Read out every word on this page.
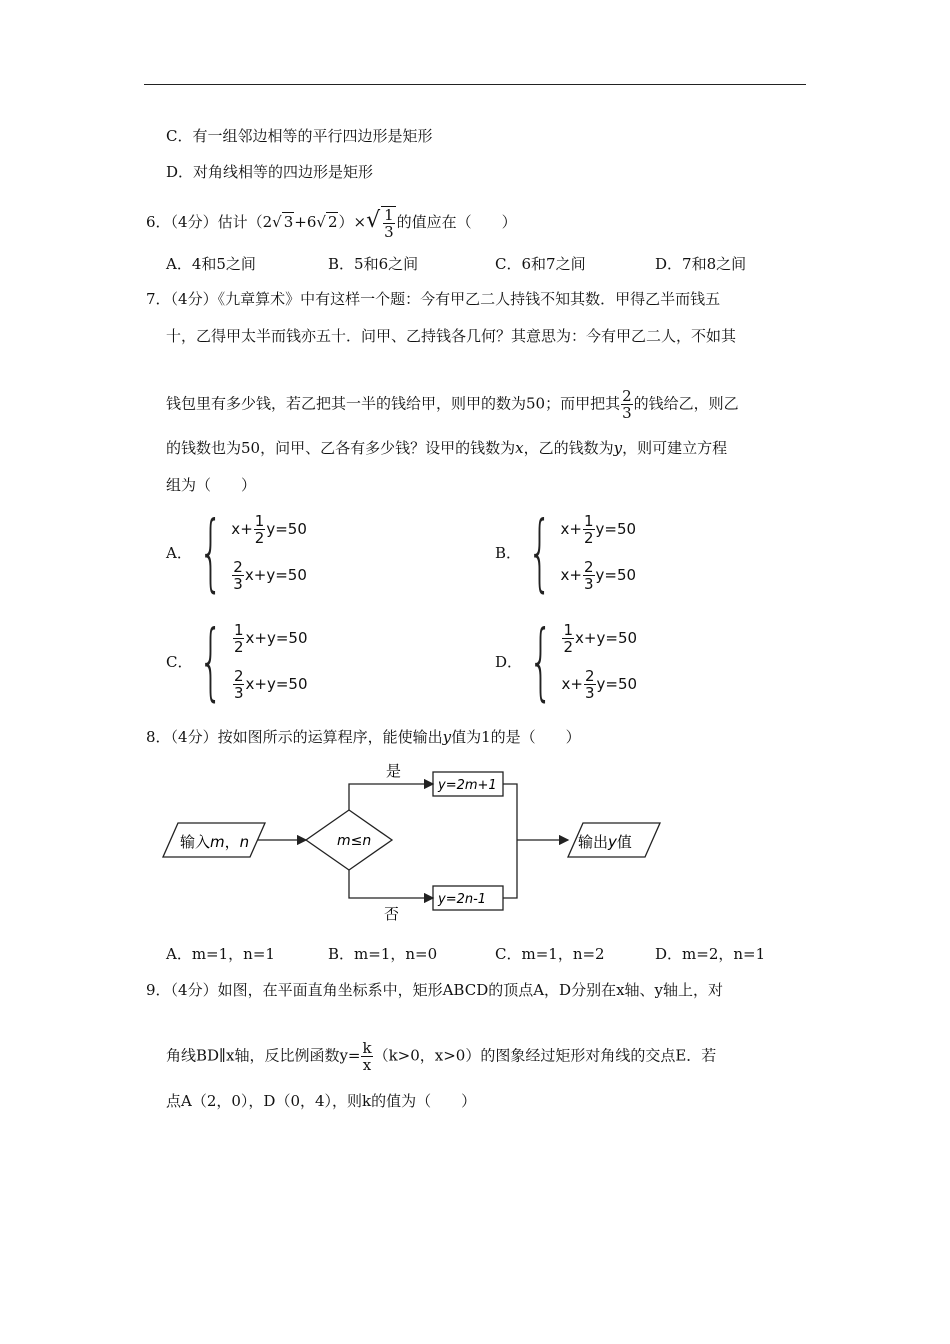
C．有一组邻边相等的平行四边形是矩形
D．对角线相等的四边形是矩形
6．（4分）估计（2√ 3+6√ $2)\times√ \frac{1}{3}$ 的值应在（　　）
A．4和5之间	B．5和6之间	C．6和7之间	D．7和8之间
7．（4分）《九章算术》中有这样一个题：今有甲乙二人持钱不知其数．甲得乙半而钱五
十，乙得甲太半而钱亦五十．问甲、乙持钱各几何？其意思为：今有甲乙二人，不如其
钱包里有多少钱，若乙把其一半的钱给甲，则甲的数为50；而甲把其 $\frac{2}{3}$ 的钱给乙，则乙
的钱数也为50，问甲、乙各有多少钱？设甲的钱数为x，乙的钱数为y，则可建立方程
组为（　　）
A． { $x + \frac{1}{2}$ y =50
$\frac{2}{3}$ x + y =50
B． { $x + \frac{1}{2}$ y =50
$x + \frac{2}{3}$ y =50
C． { $\frac{1}{2}$ x + y =50
$\frac{2}{3}$ x + y =50
D． { $\frac{1}{2}$ x + y =50
$x + \frac{2}{3}$ y =50
8．（4分）按如图所示的运算程序，能使输出y值为1的是（　　）
输入m，n	m≤n
是
y=2m+1
否
y=2n-1
输出y值
A．m=1，n=1	B．m=1，n=0	C．m=1，n=2	D．m=2，n=1
9．（4分）如图，在平面直角坐标系中，矩形ABCD的顶点A，D分别在x轴、y轴上，对
角线BD∥x轴，反比例函数$y= \frac{k}{x} (k>0$，x>0）的图象经过矩形对角线的交点E．若
点A（2，0），D（0，4），则k的值为（　　）
